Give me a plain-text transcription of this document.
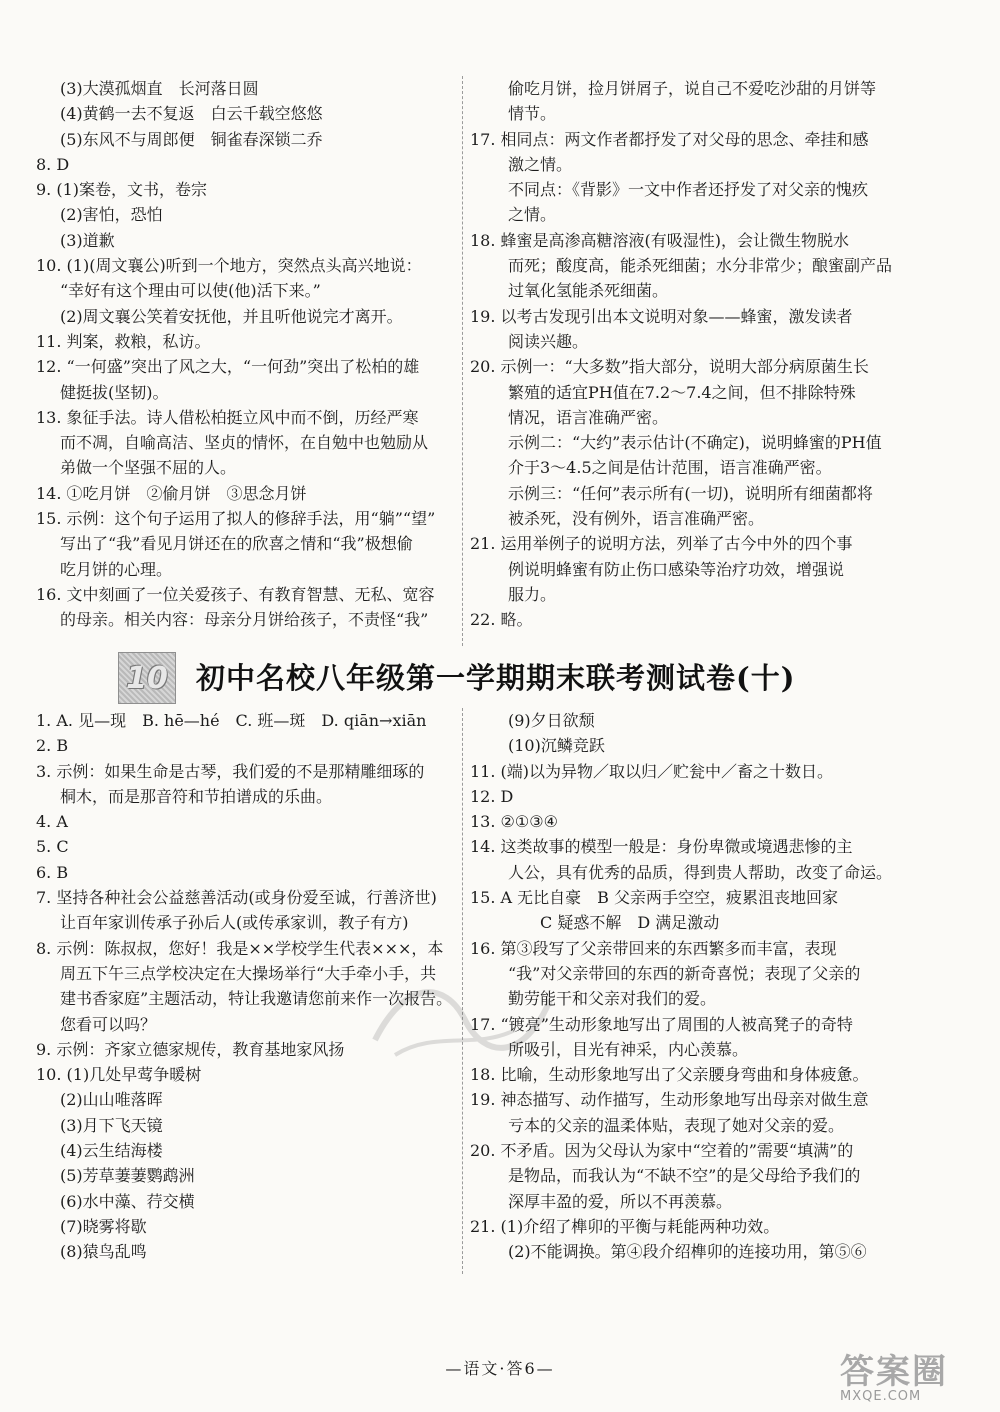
(3)大漠孤烟直　长河落日圆
(4)黄鹤一去不复返　白云千载空悠悠
(5)东风不与周郎便　铜雀春深锁二乔
8. D
9. (1)案卷，文书，卷宗
(2)害怕，恐怕
(3)道歉
10. (1)(周文襄公)听到一个地方，突然点头高兴地说：
“幸好有这个理由可以使(他)活下来。”
(2)周文襄公笑着安抚他，并且听他说完才离开。
11. 判案，救粮，私访。
12. “一何盛”突出了风之大，“一何劲”突出了松柏的雄
健挺拔(坚韧)。
13. 象征手法。诗人借松柏挺立风中而不倒，历经严寒
而不凋，自喻高洁、坚贞的情怀，在自勉中也勉励从
弟做一个坚强不屈的人。
14. ①吃月饼　②偷月饼　③思念月饼
15. 示例：这个句子运用了拟人的修辞手法，用“躺”“望”
写出了“我”看见月饼还在的欣喜之情和“我”极想偷
吃月饼的心理。
16. 文中刻画了一位关爱孩子、有教育智慧、无私、宽容
的母亲。相关内容：母亲分月饼给孩子，不责怪“我”
偷吃月饼，捡月饼屑子，说自己不爱吃沙甜的月饼等
情节。
17. 相同点：两文作者都抒发了对父母的思念、牵挂和感
激之情。
不同点：《背影》一文中作者还抒发了对父亲的愧疚
之情。
18. 蜂蜜是高渗高糖溶液(有吸湿性)，会让微生物脱水
而死；酸度高，能杀死细菌；水分非常少；酿蜜副产品
过氧化氢能杀死细菌。
19. 以考古发现引出本文说明对象——蜂蜜，激发读者
阅读兴趣。
20. 示例一：“大多数”指大部分，说明大部分病原菌生长
繁殖的适宜PH值在7.2～7.4之间，但不排除特殊
情况，语言准确严密。
示例二：“大约”表示估计(不确定)，说明蜂蜜的PH值
介于3～4.5之间是估计范围，语言准确严密。
示例三：“任何”表示所有(一切)，说明所有细菌都将
被杀死，没有例外，语言准确严密。
21. 运用举例子的说明方法，列举了古今中外的四个事
例说明蜂蜜有防止伤口感染等治疗功效，增强说
服力。
22. 略。
10 初中名校八年级第一学期期末联考测试卷(十)
1. A. 见—现　B. hē—hé　C. 班—斑　D. qiān→xiān
2. B
3. 示例：如果生命是古琴，我们爱的不是那精雕细琢的
桐木，而是那音符和节拍谱成的乐曲。
4. A
5. C
6. B
7. 坚持各种社会公益慈善活动(或身份爱至诚，行善济世)
让百年家训传承子孙后人(或传承家训，教子有方)
8. 示例：陈叔叔，您好！我是××学校学生代表×××，本
周五下午三点学校决定在大操场举行“大手牵小手，共
建书香家庭”主题活动，特让我邀请您前来作一次报告。
您看可以吗？
9. 示例：齐家立德家规传，教育基地家风扬
10. (1)几处早莺争暖树
(2)山山唯落晖
(3)月下飞天镜
(4)云生结海楼
(5)芳草萋萋鹦鹉洲
(6)水中藻、荇交横
(7)晓雾将歇
(8)猿鸟乱鸣
(9)夕日欲颓
(10)沉鳞竞跃
11. (端)以为异物／取以归／贮瓮中／畜之十数日。
12. D
13. ②①③④
14. 这类故事的模型一般是：身份卑微或境遇悲惨的主
人公，具有优秀的品质，得到贵人帮助，改变了命运。
15. A 无比自豪　B 父亲两手空空，疲累沮丧地回家
　　C 疑惑不解　D 满足激动
16. 第③段写了父亲带回来的东西繁多而丰富，表现
“我”对父亲带回的东西的新奇喜悦；表现了父亲的
勤劳能干和父亲对我们的爱。
17. “镀亮”生动形象地写出了周围的人被高凳子的奇特
所吸引，目光有神采，内心羡慕。
18. 比喻，生动形象地写出了父亲腰身弯曲和身体疲惫。
19. 神态描写、动作描写，生动形象地写出母亲对做生意
亏本的父亲的温柔体贴，表现了她对父亲的爱。
20. 不矛盾。因为父母认为家中“空着的”需要“填满”的
是物品，而我认为“不缺不空”的是父母给予我们的
深厚丰盈的爱，所以不再羡慕。
21. (1)介绍了榫卯的平衡与耗能两种功效。
(2)不能调换。第④段介绍榫卯的连接功用，第⑤⑥
—语文·答6—	答案圈
MXQE.COM
